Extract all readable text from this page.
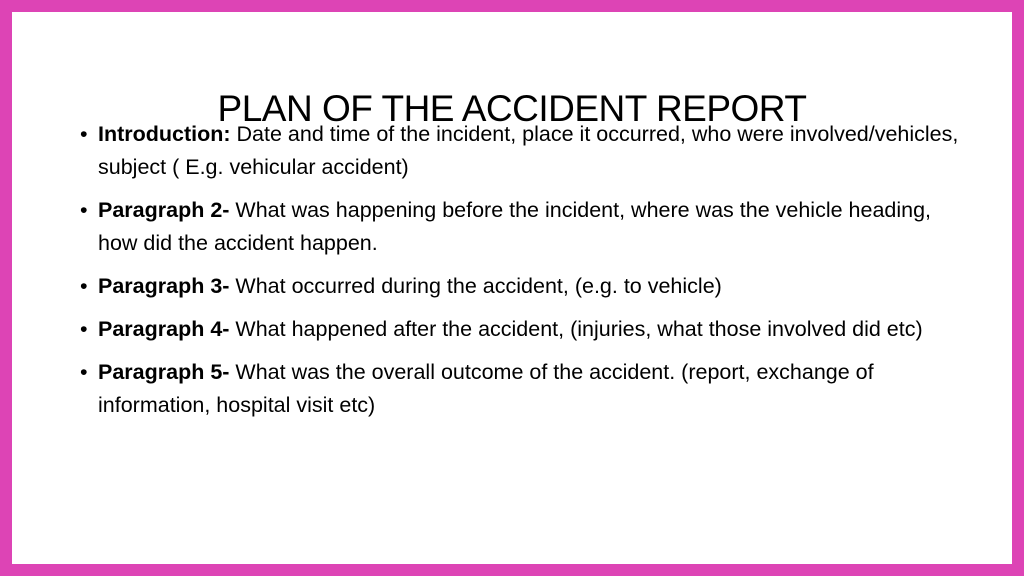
PLAN OF THE ACCIDENT REPORT
• Introduction: Date and time of the incident, place it occurred, who were involved/vehicles, subject ( E.g. vehicular accident)
• Paragraph 2- What was happening before the incident, where was the vehicle heading, how did the accident happen.
• Paragraph 3- What occurred during the accident, (e.g. to vehicle)
• Paragraph 4- What happened after the accident, (injuries, what those involved did etc)
• Paragraph 5- What was the overall outcome of the accident. (report, exchange of information, hospital visit etc)
